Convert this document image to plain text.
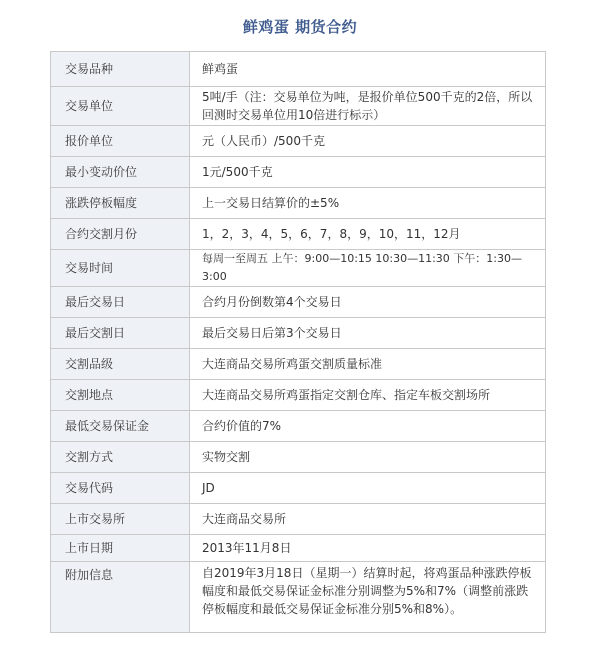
鲜鸡蛋 期货合约
交易品种	鲜鸡蛋
交易单位	5吨/手（注：交易单位为吨，是报价单位500千克的2倍，所以回测时交易单位用10倍进行标示）
报价单位	元（人民币）/500千克
最小变动价位	1元/500千克
涨跌停板幅度	上一交易日结算价的±5%
合约交割月份	1，2，3，4，5，6，7，8，9，10，11，12月
交易时间	每周一至周五 上午：9:00—10:15 10:30—11:30 下午：1:30—3:00
最后交易日	合约月份倒数第4个交易日
最后交割日	最后交易日后第3个交易日
交割品级	大连商品交易所鸡蛋交割质量标准
交割地点	大连商品交易所鸡蛋指定交割仓库、指定车板交割场所
最低交易保证金	合约价值的7%
交割方式	实物交割
交易代码	JD
上市交易所	大连商品交易所
上市日期	2013年11月8日
附加信息	自2019年3月18日（星期一）结算时起，将鸡蛋品种涨跌停板幅度和最低交易保证金标准分别调整为5%和7%（调整前涨跌停板幅度和最低交易保证金标准分别5%和8%）。
